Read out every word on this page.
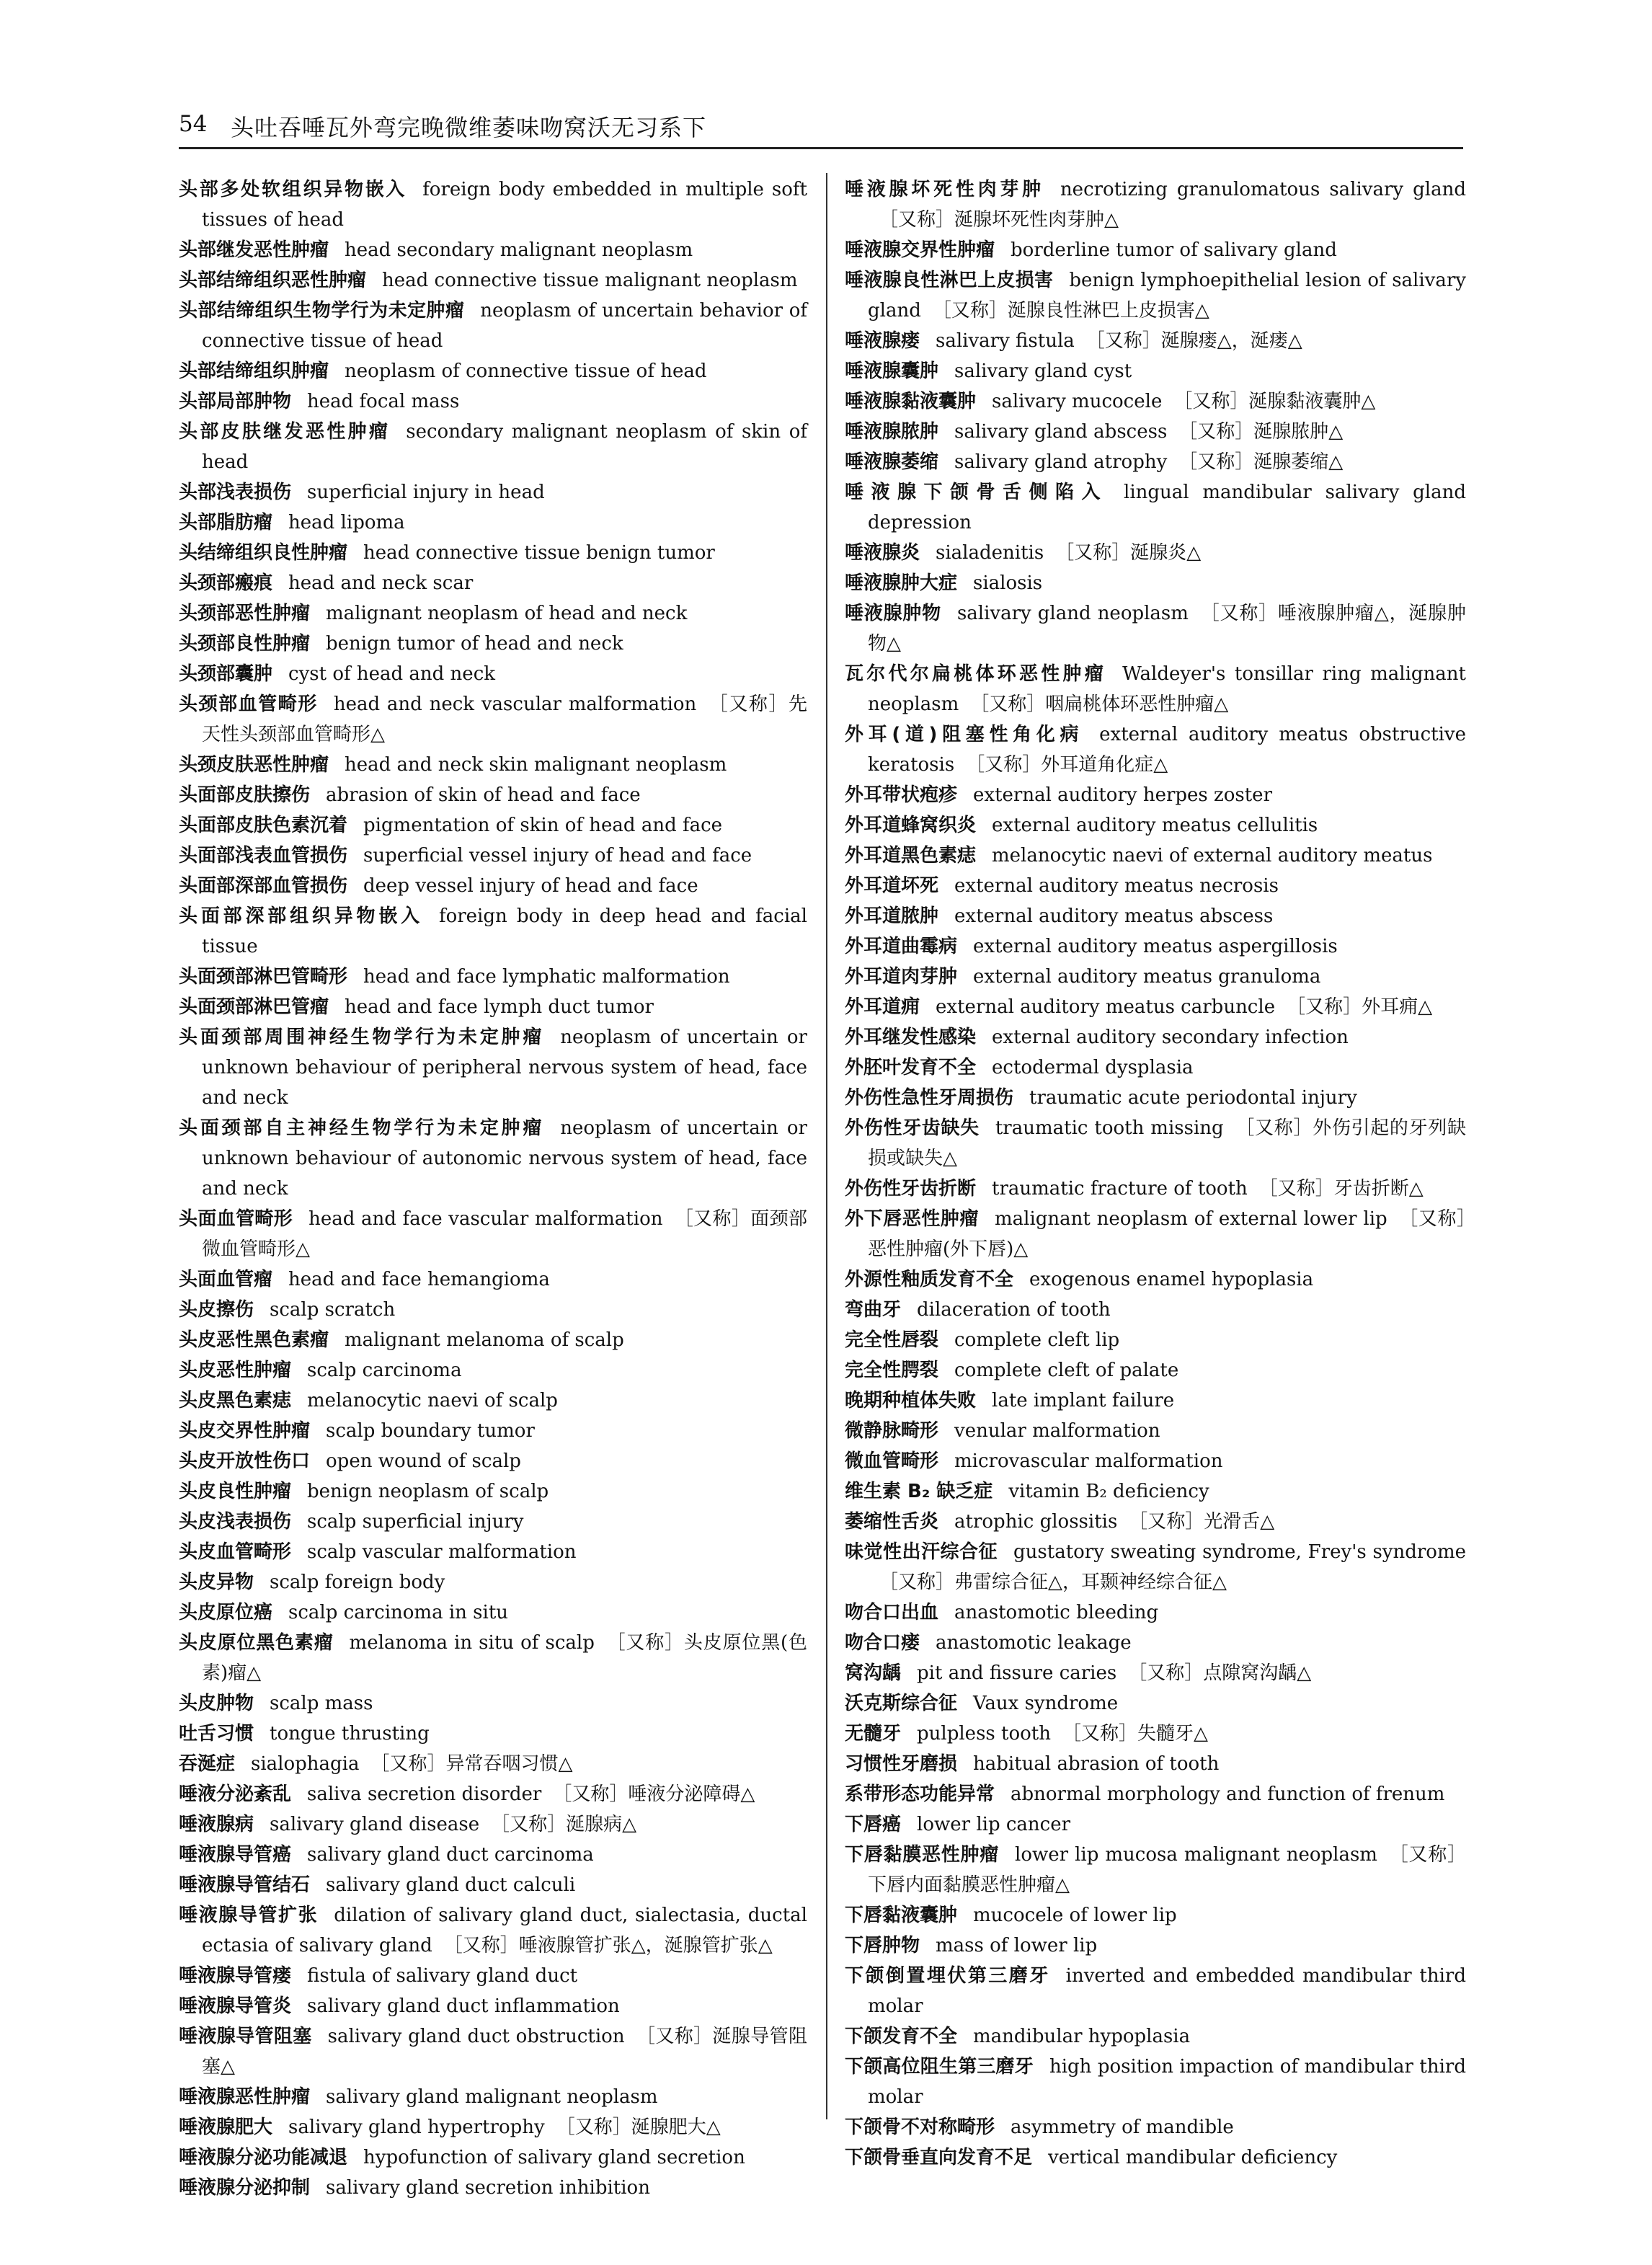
54 头吐吞唾瓦外弯完晚微维萎味吻窝沃无习系下
头部多处软组织异物嵌入 foreign body embedded in multiple soft tissues of head
头部继发恶性肿瘤 head secondary malignant neoplasm
头部结缔组织恶性肿瘤 head connective tissue malignant neoplasm
头部结缔组织生物学行为未定肿瘤 neoplasm of uncertain behavior of connective tissue of head
头部结缔组织肿瘤 neoplasm of connective tissue of head
头部局部肿物 head focal mass
头部皮肤继发恶性肿瘤 secondary malignant neoplasm of skin of head
头部浅表损伤 superficial injury in head
头部脂肪瘤 head lipoma
头结缔组织良性肿瘤 head connective tissue benign tumor
头颈部瘢痕 head and neck scar
头颈部恶性肿瘤 malignant neoplasm of head and neck
头颈部良性肿瘤 benign tumor of head and neck
头颈部囊肿 cyst of head and neck
头颈部血管畸形 head and neck vascular malformation ［又称］先天性头颈部血管畸形△
头颈皮肤恶性肿瘤 head and neck skin malignant neoplasm
头面部皮肤擦伤 abrasion of skin of head and face
头面部皮肤色素沉着 pigmentation of skin of head and face
头面部浅表血管损伤 superficial vessel injury of head and face
头面部深部血管损伤 deep vessel injury of head and face
头面部深部组织异物嵌入 foreign body in deep head and facial tissue
头面颈部淋巴管畸形 head and face lymphatic malformation
头面颈部淋巴管瘤 head and face lymph duct tumor
头面颈部周围神经生物学行为未定肿瘤 neoplasm of uncertain or unknown behaviour of peripheral nervous system of head, face and neck
头面颈部自主神经生物学行为未定肿瘤 neoplasm of uncertain or unknown behaviour of autonomic nervous system of head, face and neck
头面血管畸形 head and face vascular malformation ［又称］面颈部微血管畸形△
头面血管瘤 head and face hemangioma
头皮擦伤 scalp scratch
头皮恶性黑色素瘤 malignant melanoma of scalp
头皮恶性肿瘤 scalp carcinoma
头皮黑色素痣 melanocytic naevi of scalp
头皮交界性肿瘤 scalp boundary tumor
头皮开放性伤口 open wound of scalp
头皮良性肿瘤 benign neoplasm of scalp
头皮浅表损伤 scalp superficial injury
头皮血管畸形 scalp vascular malformation
头皮异物 scalp foreign body
头皮原位癌 scalp carcinoma in situ
头皮原位黑色素瘤 melanoma in situ of scalp ［又称］头皮原位黑(色素)瘤△
头皮肿物 scalp mass
吐舌习惯 tongue thrusting
吞涎症 sialophagia ［又称］异常吞咽习惯△
唾液分泌紊乱 saliva secretion disorder ［又称］唾液分泌障碍△
唾液腺病 salivary gland disease ［又称］涎腺病△
唾液腺导管癌 salivary gland duct carcinoma
唾液腺导管结石 salivary gland duct calculi
唾液腺导管扩张 dilation of salivary gland duct, sialectasia, ductal ectasia of salivary gland ［又称］唾液腺管扩张△，涎腺管扩张△
唾液腺导管瘘 fistula of salivary gland duct
唾液腺导管炎 salivary gland duct inflammation
唾液腺导管阻塞 salivary gland duct obstruction ［又称］涎腺导管阻塞△
唾液腺恶性肿瘤 salivary gland malignant neoplasm
唾液腺肥大 salivary gland hypertrophy ［又称］涎腺肥大△
唾液腺分泌功能减退 hypofunction of salivary gland secretion
唾液腺分泌抑制 salivary gland secretion inhibition
唾液腺坏死性肉芽肿 necrotizing granulomatous salivary gland［又称］涎腺坏死性肉芽肿△
唾液腺交界性肿瘤 borderline tumor of salivary gland
唾液腺良性淋巴上皮损害 benign lymphoepithelial lesion of salivary gland ［又称］涎腺良性淋巴上皮损害△
唾液腺瘘 salivary fistula ［又称］涎腺瘘△，涎瘘△
唾液腺囊肿 salivary gland cyst
唾液腺黏液囊肿 salivary mucocele ［又称］涎腺黏液囊肿△
唾液腺脓肿 salivary gland abscess ［又称］涎腺脓肿△
唾液腺萎缩 salivary gland atrophy ［又称］涎腺萎缩△
唾液腺下颌骨舌侧陷入 lingual mandibular salivary gland depression
唾液腺炎 sialadenitis ［又称］涎腺炎△
唾液腺肿大症 sialosis
唾液腺肿物 salivary gland neoplasm ［又称］唾液腺肿瘤△，涎腺肿物△
瓦尔代尔扁桃体环恶性肿瘤 Waldeyer's tonsillar ring malignant neoplasm ［又称］咽扁桃体环恶性肿瘤△
外耳(道)阻塞性角化病 external auditory meatus obstructive keratosis ［又称］外耳道角化症△
外耳带状疱疹 external auditory herpes zoster
外耳道蜂窝织炎 external auditory meatus cellulitis
外耳道黑色素痣 melanocytic naevi of external auditory meatus
外耳道坏死 external auditory meatus necrosis
外耳道脓肿 external auditory meatus abscess
外耳道曲霉病 external auditory meatus aspergillosis
外耳道肉芽肿 external auditory meatus granuloma
外耳道痈 external auditory meatus carbuncle ［又称］外耳痈△
外耳继发性感染 external auditory secondary infection
外胚叶发育不全 ectodermal dysplasia
外伤性急性牙周损伤 traumatic acute periodontal injury
外伤性牙齿缺失 traumatic tooth missing ［又称］外伤引起的牙列缺损或缺失△
外伤性牙齿折断 traumatic fracture of tooth ［又称］牙齿折断△
外下唇恶性肿瘤 malignant neoplasm of external lower lip ［又称］恶性肿瘤(外下唇)△
外源性釉质发育不全 exogenous enamel hypoplasia
弯曲牙 dilaceration of tooth
完全性唇裂 complete cleft lip
完全性腭裂 complete cleft of palate
晚期种植体失败 late implant failure
微静脉畸形 venular malformation
微血管畸形 microvascular malformation
维生素 B₂ 缺乏症 vitamin B₂ deficiency
萎缩性舌炎 atrophic glossitis ［又称］光滑舌△
味觉性出汗综合征 gustatory sweating syndrome, Frey's syndrome［又称］弗雷综合征△，耳颞神经综合征△
吻合口出血 anastomotic bleeding
吻合口瘘 anastomotic leakage
窝沟龋 pit and fissure caries ［又称］点隙窝沟龋△
沃克斯综合征 Vaux syndrome
无髓牙 pulpless tooth ［又称］失髓牙△
习惯性牙磨损 habitual abrasion of tooth
系带形态功能异常 abnormal morphology and function of frenum
下唇癌 lower lip cancer
下唇黏膜恶性肿瘤 lower lip mucosa malignant neoplasm ［又称］下唇内面黏膜恶性肿瘤△
下唇黏液囊肿 mucocele of lower lip
下唇肿物 mass of lower lip
下颌倒置埋伏第三磨牙 inverted and embedded mandibular third molar
下颌发育不全 mandibular hypoplasia
下颌高位阻生第三磨牙 high position impaction of mandibular third molar
下颌骨不对称畸形 asymmetry of mandible
下颌骨垂直向发育不足 vertical mandibular deficiency
